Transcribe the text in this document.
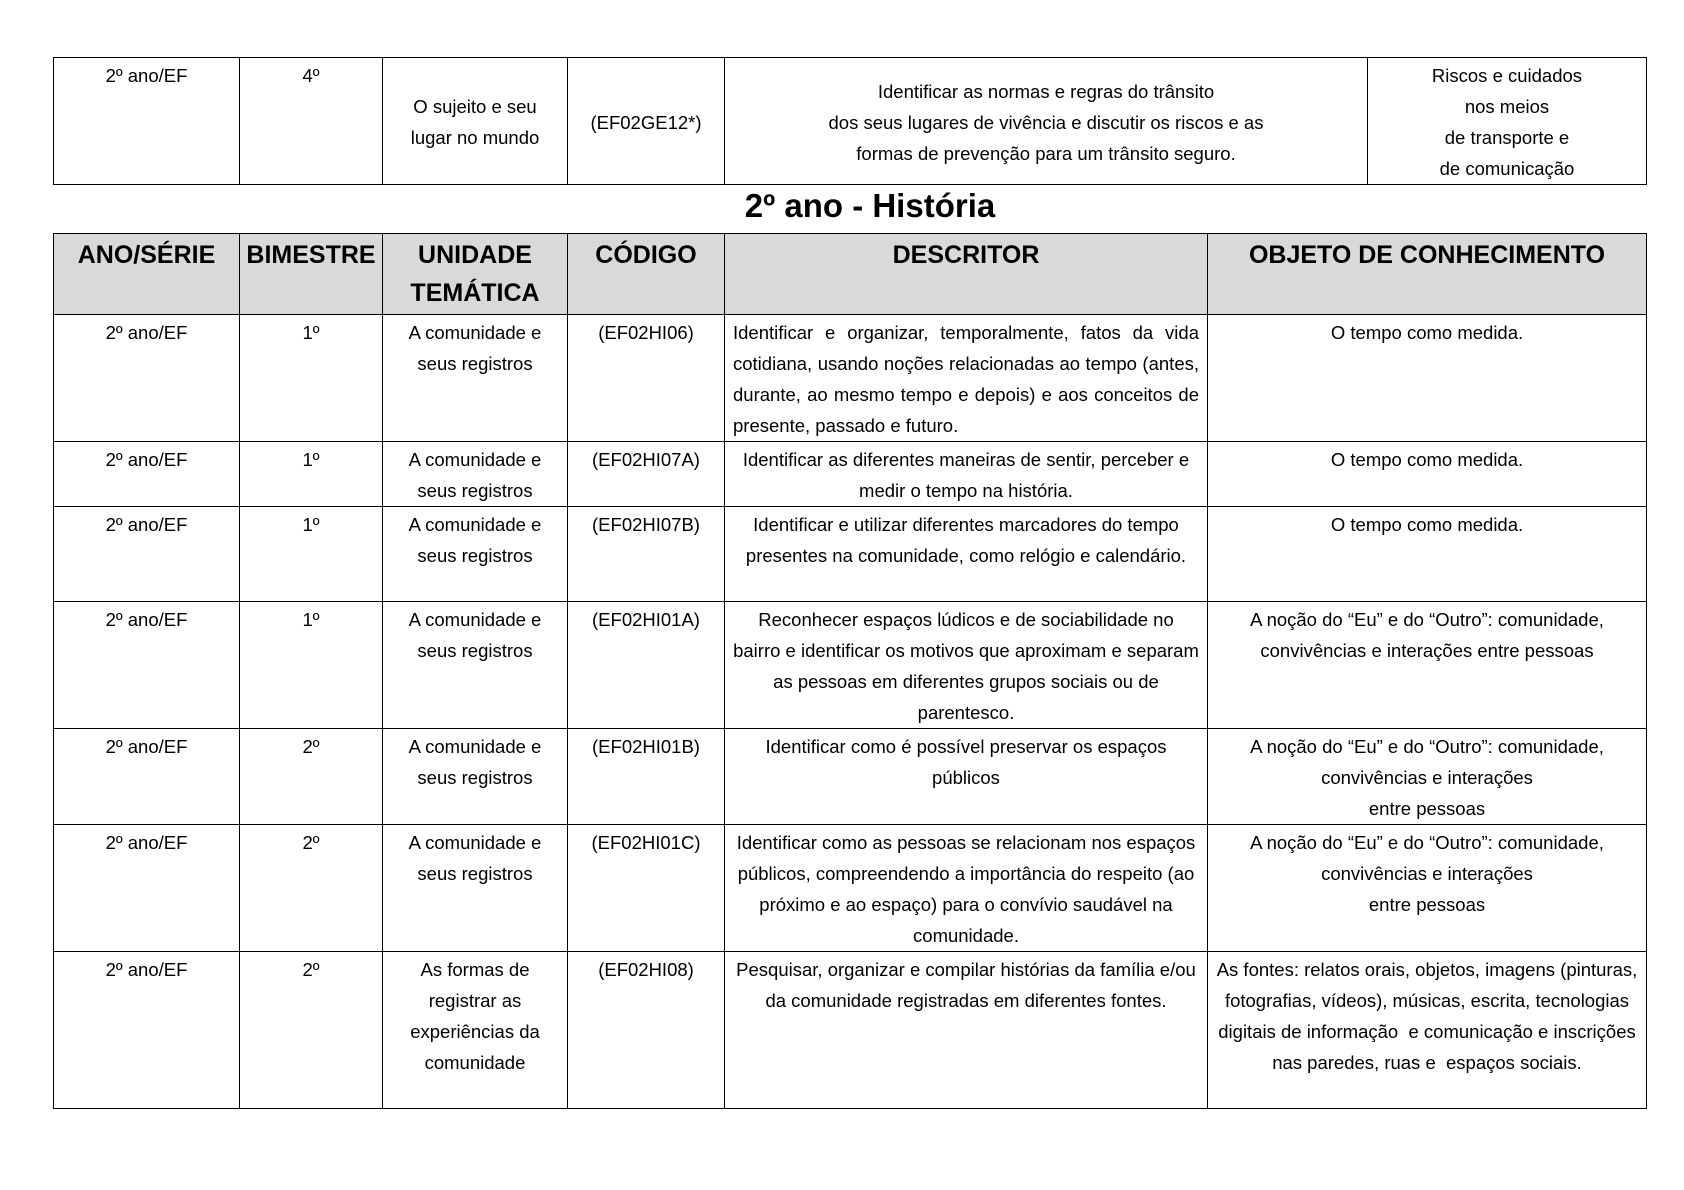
2º ano/EF	4º	O sujeito e seu lugar no mundo	(EF02GE12*)	Identificar as normas e regras do trânsito
dos seus lugares de vivência e discutir os riscos e as
formas de prevenção para um trânsito seguro.	Riscos e cuidados
nos meios
de transporte e
de comunicação
2º ano - História
ANO/SÉRIE	BIMESTRE	UNIDADE TEMÁTICA	CÓDIGO	DESCRITOR	OBJETO DE CONHECIMENTO
2º ano/EF	1º	A comunidade e seus registros	(EF02HI06)	Identificar e organizar, temporalmente, fatos da vida cotidiana, usando noções relacionadas ao tempo (antes, durante, ao mesmo tempo e depois) e aos conceitos de presente, passado e futuro.	O tempo como medida.
2º ano/EF	1º	A comunidade e seus registros	(EF02HI07A)	Identificar as diferentes maneiras de sentir, perceber e medir o tempo na história.	O tempo como medida.
2º ano/EF	1º	A comunidade e seus registros	(EF02HI07B)	Identificar e utilizar diferentes marcadores do tempo presentes na comunidade, como relógio e calendário.	O tempo como medida.
2º ano/EF	1º	A comunidade e seus registros	(EF02HI01A)	Reconhecer espaços lúdicos e de sociabilidade no bairro e identificar os motivos que aproximam e separam as pessoas em diferentes grupos sociais ou de parentesco.	A noção do “Eu” e do “Outro”: comunidade, convivências e interações entre pessoas
2º ano/EF	2º	A comunidade e seus registros	(EF02HI01B)	Identificar como é possível preservar os espaços públicos	A noção do “Eu” e do “Outro”: comunidade,
convivências e interações
entre pessoas
2º ano/EF	2º	A comunidade e seus registros	(EF02HI01C)	Identificar como as pessoas se relacionam nos espaços públicos, compreendendo a importância do respeito (ao próximo e ao espaço) para o convívio saudável na comunidade.	A noção do “Eu” e do “Outro”: comunidade,
convivências e interações
entre pessoas
2º ano/EF	2º	As formas de registrar as experiências da comunidade	(EF02HI08)	Pesquisar, organizar e compilar histórias da família e/ou da comunidade registradas em diferentes fontes.	As fontes: relatos orais, objetos, imagens (pinturas, fotografias, vídeos), músicas, escrita, tecnologias digitais de informação  e comunicação e inscrições
nas paredes, ruas e  espaços sociais.
